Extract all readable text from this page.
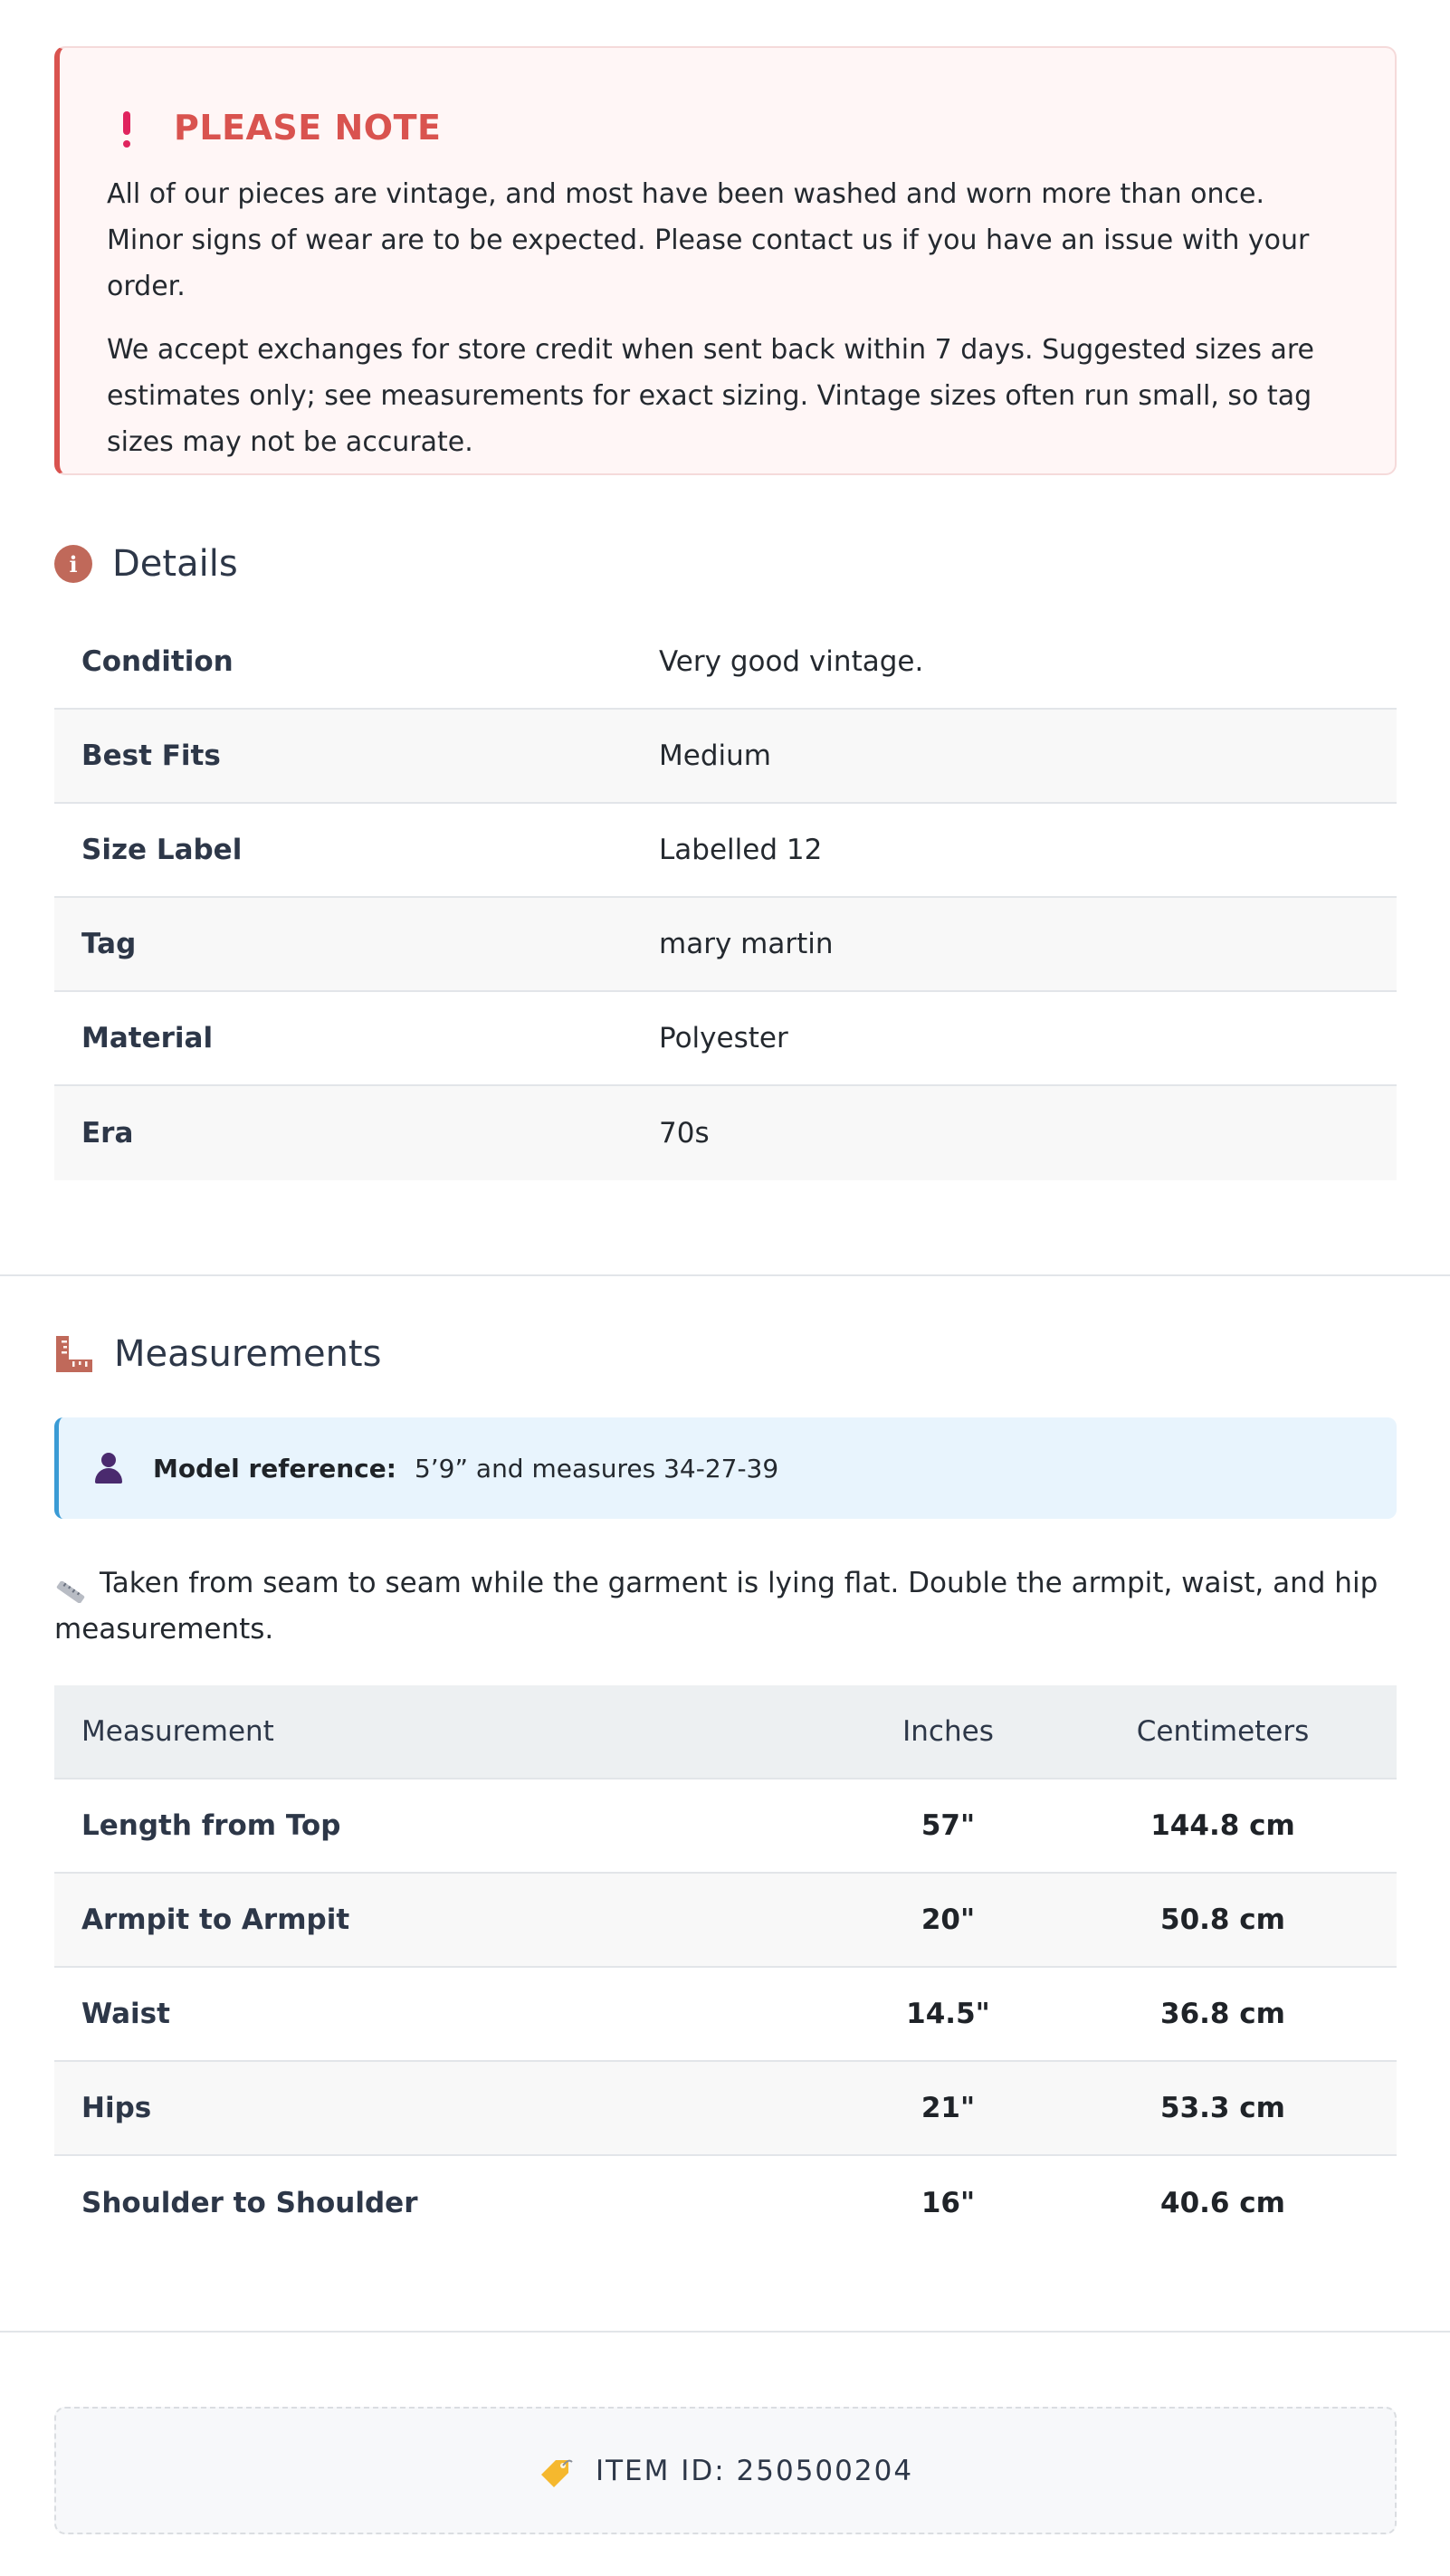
PLEASE NOTE

All of our pieces are vintage, and most have been washed and worn more than once. Minor signs of wear are to be expected. Please contact us if you have an issue with your order.

We accept exchanges for store credit when sent back within 7 days. Suggested sizes are estimates only; see measurements for exact sizing. Vintage sizes often run small, so tag sizes may not be accurate.

i Details
Condition	Very good vintage.
Best Fits	Medium
Size Label	Labelled 12
Tag	mary martin
Material	Polyester
Era	70s
Measurements
Model reference: 5’9” and measures 34-27-39
Taken from seam to seam while the garment is lying flat. Double the armpit, waist, and hip measurements.
Measurement	Inches	Centimeters
Length from Top	57"	144.8 cm
Armpit to Armpit	20"	50.8 cm
Waist	14.5"	36.8 cm
Hips	21"	53.3 cm
Shoulder to Shoulder	16"	40.6 cm
ITEM ID: 250500204
